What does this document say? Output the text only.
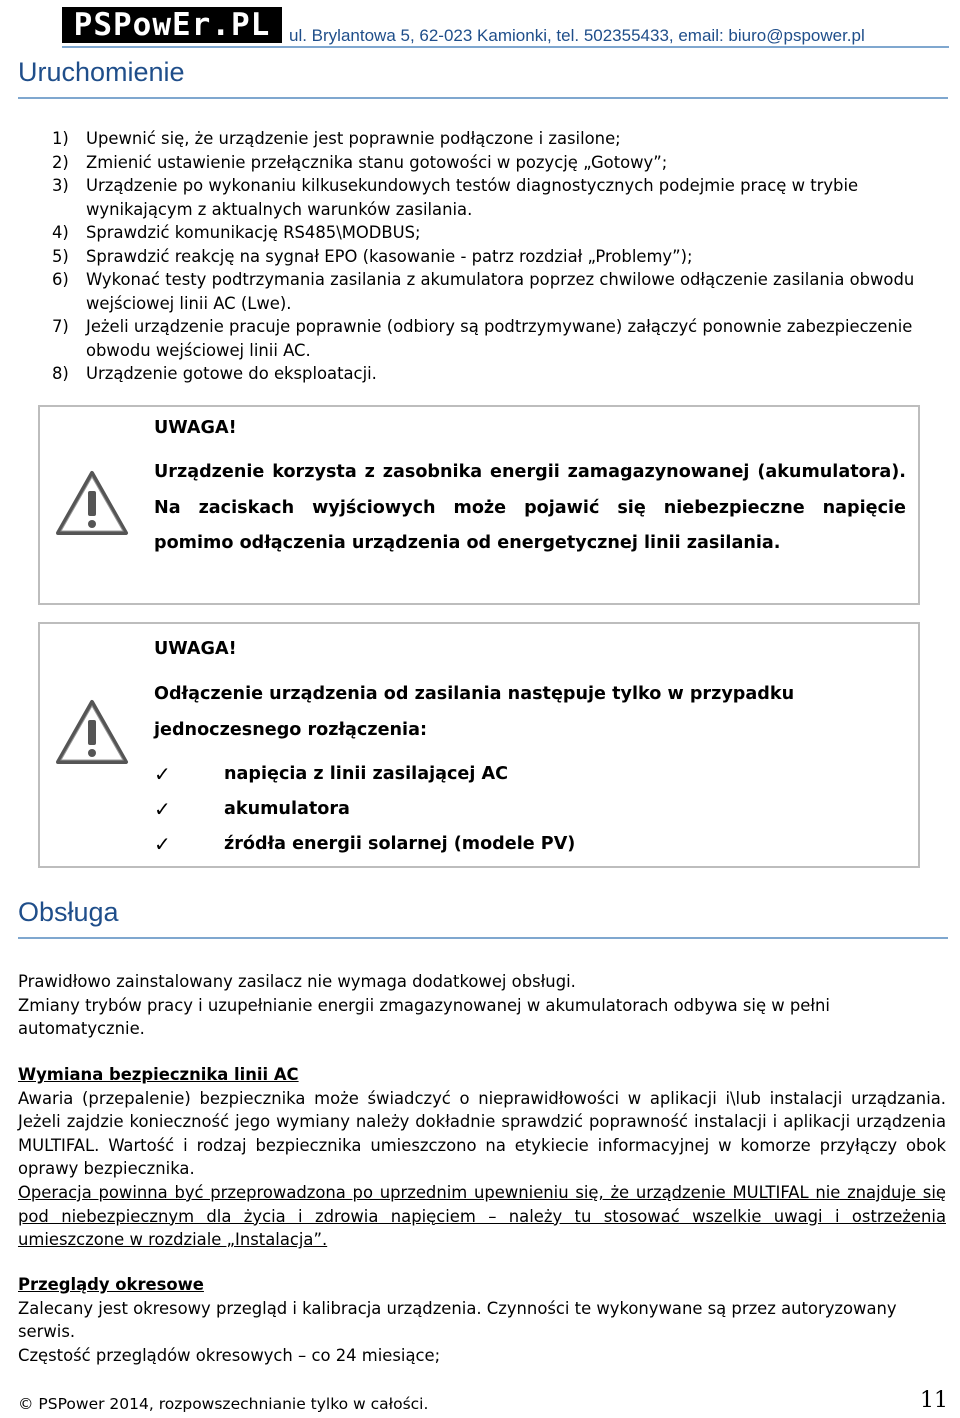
PSPowEr.PL	ul. Brylantowa 5, 62-023 Kamionki, tel. 502355433, email: biuro@pspower.pl
Uruchomienie
1)	Upewnić się, że urządzenie jest poprawnie podłączone i zasilone;
2)	Zmienić ustawienie przełącznika stanu gotowości w pozycję „Gotowy”;
3)	Urządzenie po wykonaniu kilkusekundowych testów diagnostycznych podejmie pracę w trybie wynikającym z aktualnych warunków zasilania.
4)	Sprawdzić komunikację RS485\MODBUS;
5)	Sprawdzić reakcję na sygnał EPO (kasowanie - patrz rozdział „Problemy”);
6)	Wykonać testy podtrzymania zasilania z akumulatora poprzez chwilowe odłączenie zasilania obwodu wejściowej linii AC (Lwe).
7)	Jeżeli urządzenie pracuje poprawnie (odbiory są podtrzymywane) załączyć ponownie zabezpieczenie obwodu wejściowej linii AC.
8)	Urządzenie gotowe do eksploatacji.
UWAGA!
Urządzenie korzysta z zasobnika energii zamagazynowanej (akumulatora). Na zaciskach wyjściowych może pojawić się niebezpieczne napięcie pomimo odłączenia urządzenia od energetycznej linii zasilania.
UWAGA!
Odłączenie urządzenia od zasilania następuje tylko w przypadku jednoczesnego rozłączenia:
✓	napięcia z linii zasilającej AC
✓	akumulatora
✓	źródła energii solarnej (modele PV)
Obsługa
Prawidłowo zainstalowany zasilacz nie wymaga dodatkowej obsługi.
Zmiany trybów pracy i uzupełnianie energii zmagazynowanej w akumulatorach odbywa się w pełni automatycznie.
Wymiana bezpiecznika linii AC
Awaria (przepalenie) bezpiecznika może świadczyć o nieprawidłowości w aplikacji i\lub instalacji urządzania. Jeżeli zajdzie konieczność jego wymiany należy dokładnie sprawdzić poprawność instalacji i aplikacji urządzenia MULTIFAL. Wartość i rodzaj bezpiecznika umieszczono na etykiecie informacyjnej w komorze przyłączy obok oprawy bezpiecznika.
Operacja powinna być przeprowadzona po uprzednim upewnieniu się, że urządzenie MULTIFAL nie znajduje się pod niebezpiecznym dla życia i zdrowia napięciem – należy tu stosować wszelkie uwagi i ostrzeżenia umieszczone w rozdziale „Instalacja”.
Przeglądy okresowe
Zalecany jest okresowy przegląd i kalibracja urządzenia. Czynności te wykonywane są przez autoryzowany serwis.
Częstość przeglądów okresowych – co 24 miesiące;
© PSPower 2014, rozpowszechnianie tylko w całości.	11
